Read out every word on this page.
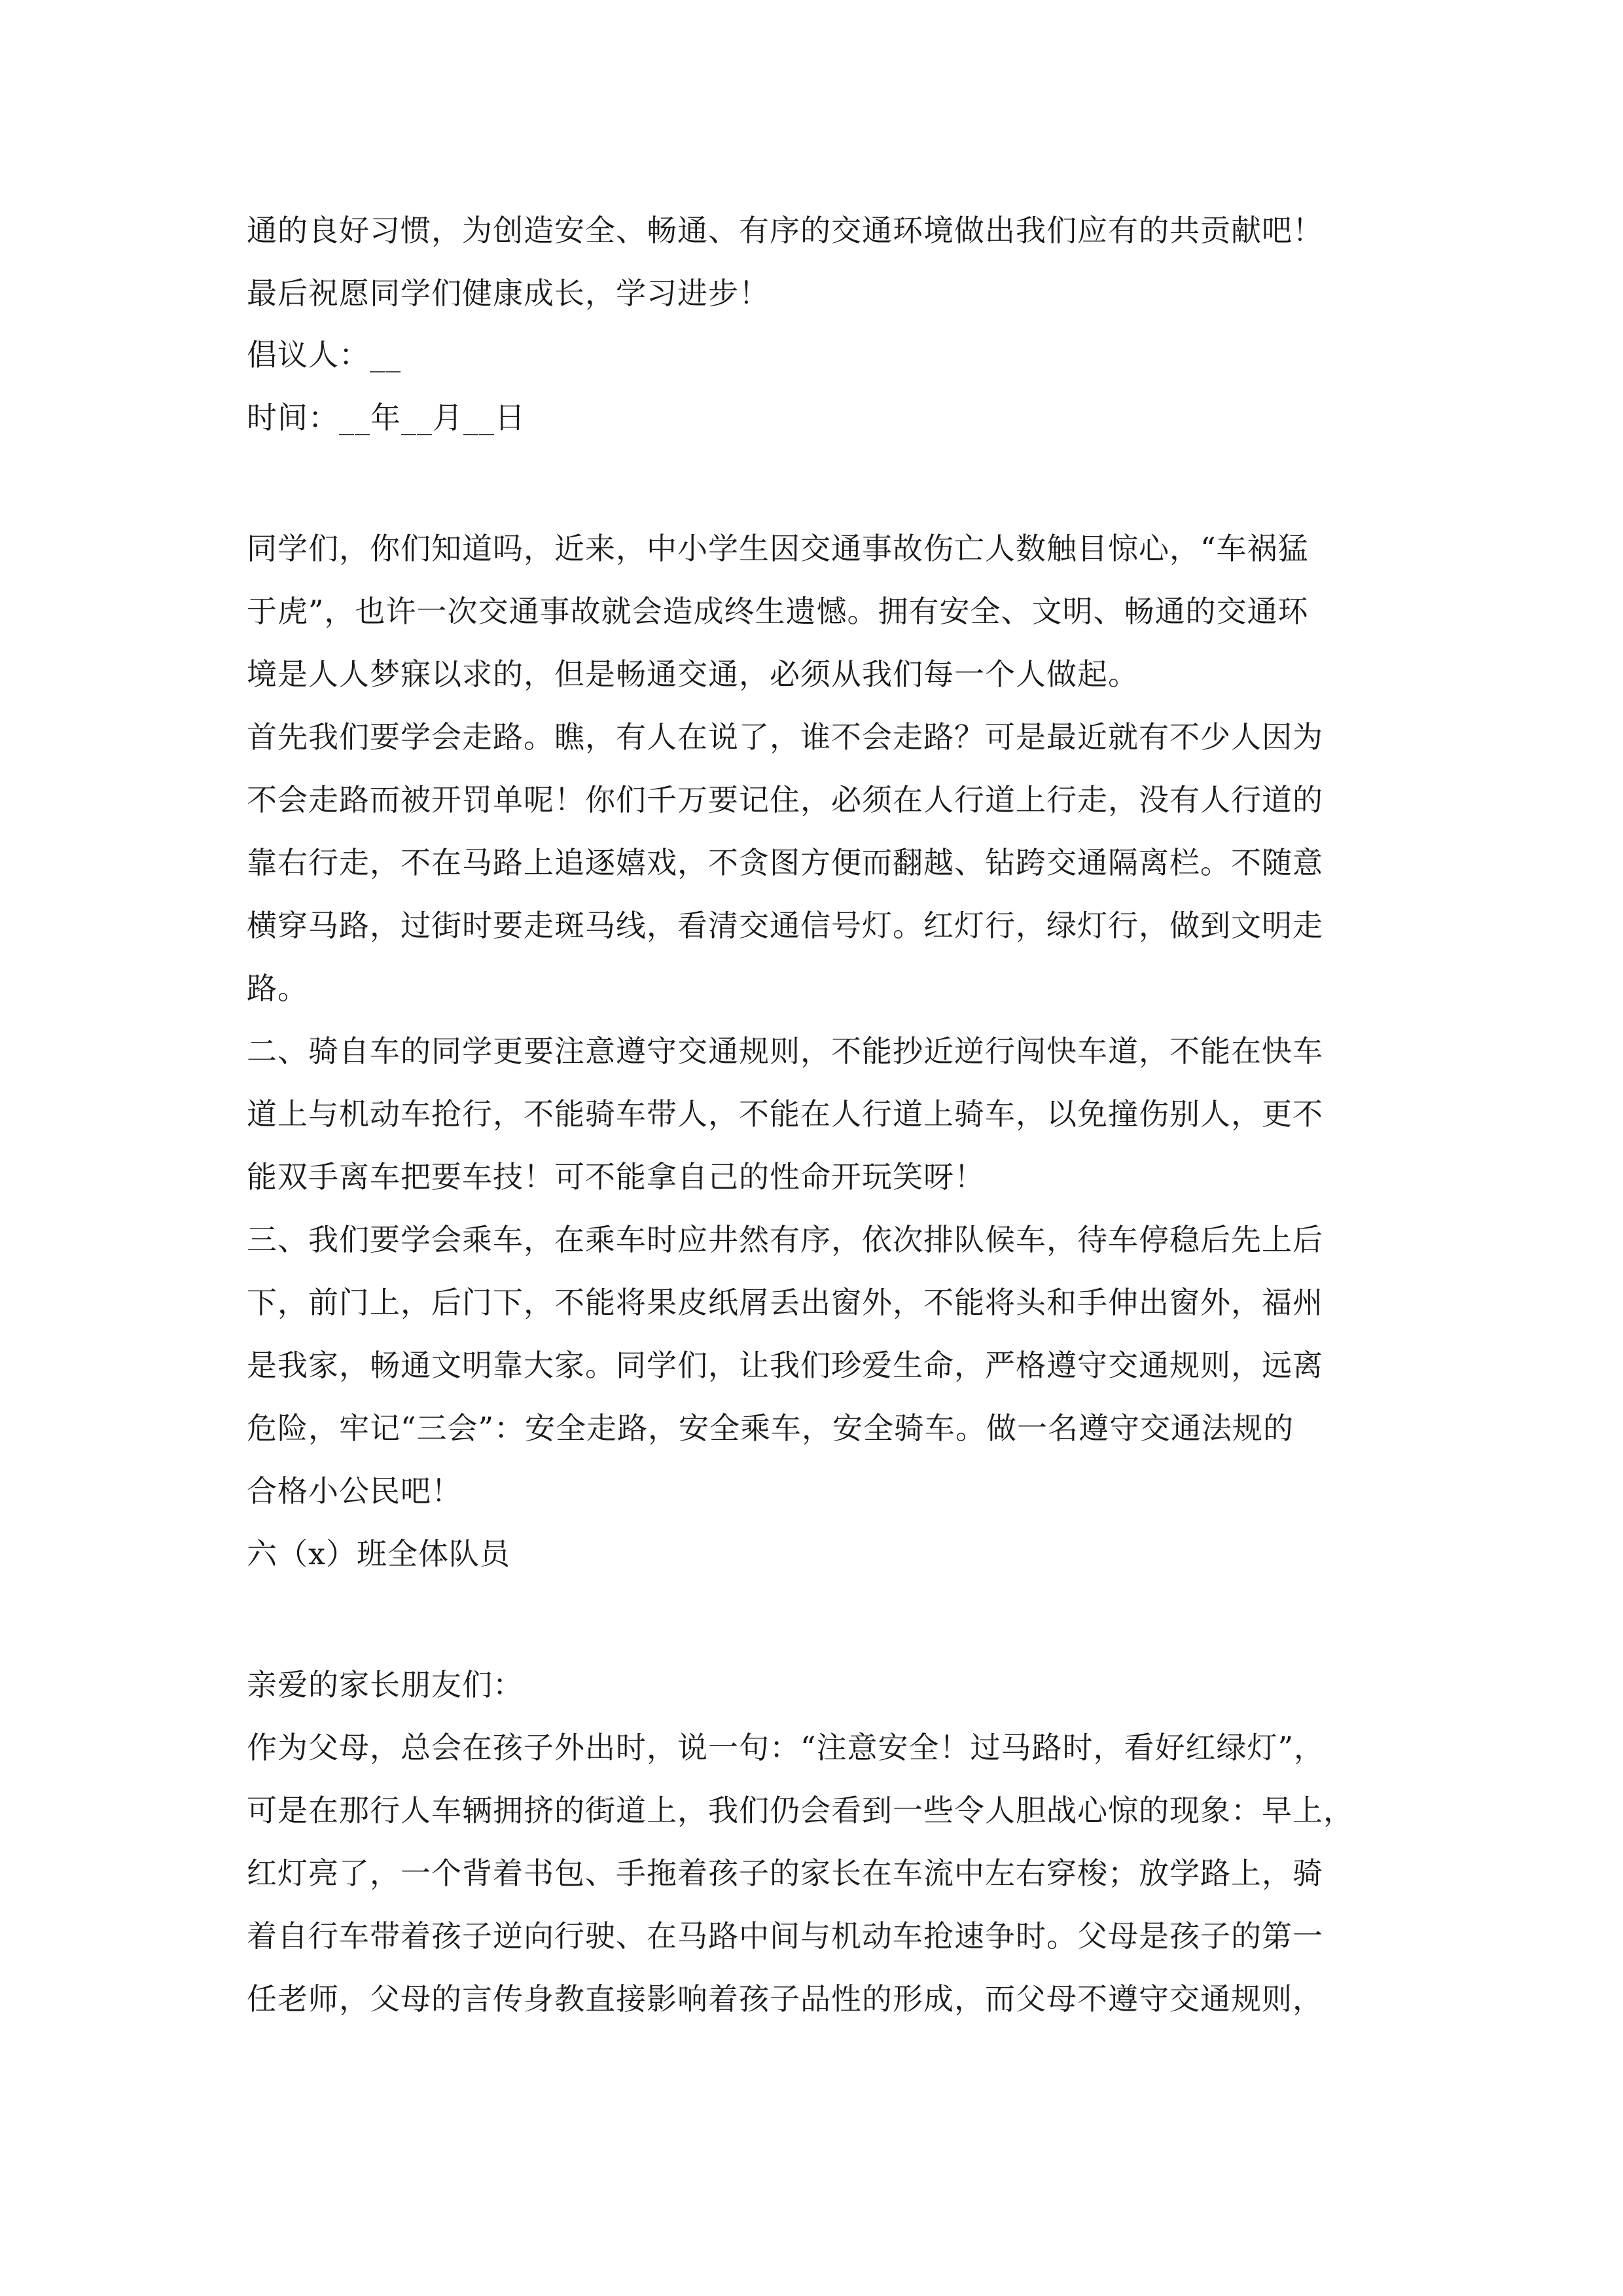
通的良好习惯，为创造安全、畅通、有序的交通环境做出我们应有的共贡献吧！
最后祝愿同学们健康成长，学习进步！
倡议人：__
时间：__年__月__日
同学们，你们知道吗，近来，中小学生因交通事故伤亡人数触目惊心，“车祸猛
于虎”，也许一次交通事故就会造成终生遗憾。拥有安全、文明、畅通的交通环
境是人人梦寐以求的，但是畅通交通，必须从我们每一个人做起。
首先我们要学会走路。瞧，有人在说了，谁不会走路？可是最近就有不少人因为
不会走路而被开罚单呢！你们千万要记住，必须在人行道上行走，没有人行道的
靠右行走，不在马路上追逐嬉戏，不贪图方便而翻越、钻跨交通隔离栏。不随意
横穿马路，过街时要走斑马线，看清交通信号灯。红灯行，绿灯行，做到文明走
路。
二、骑自车的同学更要注意遵守交通规则，不能抄近逆行闯快车道，不能在快车
道上与机动车抢行，不能骑车带人，不能在人行道上骑车，以免撞伤别人，更不
能双手离车把要车技！可不能拿自己的性命开玩笑呀！
三、我们要学会乘车，在乘车时应井然有序，依次排队候车，待车停稳后先上后
下，前门上，后门下，不能将果皮纸屑丢出窗外，不能将头和手伸出窗外，福州
是我家，畅通文明靠大家。同学们，让我们珍爱生命，严格遵守交通规则，远离
危险，牢记“三会”：安全走路，安全乘车，安全骑车。做一名遵守交通法规的
合格小公民吧！
六（x）班全体队员
亲爱的家长朋友们：
作为父母，总会在孩子外出时，说一句：“注意安全！过马路时，看好红绿灯”，
可是在那行人车辆拥挤的街道上，我们仍会看到一些令人胆战心惊的现象：早上，
红灯亮了，一个背着书包、手拖着孩子的家长在车流中左右穿梭；放学路上，骑
着自行车带着孩子逆向行驶、在马路中间与机动车抢速争时。父母是孩子的第一
任老师，父母的言传身教直接影响着孩子品性的形成，而父母不遵守交通规则，
